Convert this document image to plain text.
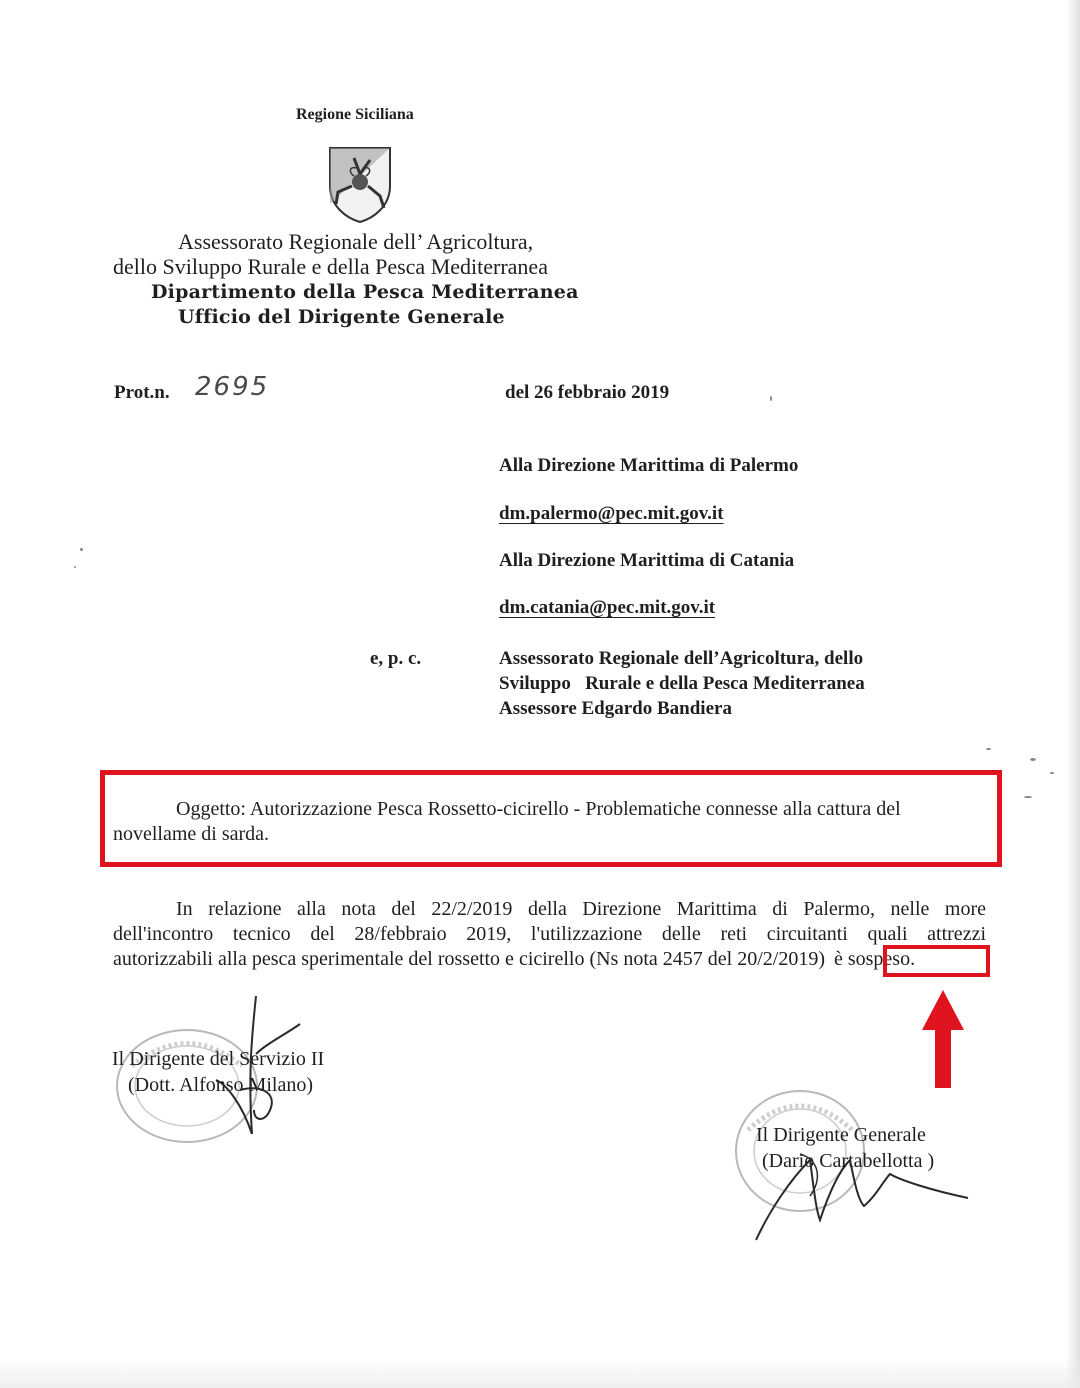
Regione Siciliana
Assessorato Regionale dell’ Agricoltura,
dello Sviluppo Rurale e della Pesca Mediterranea
Dipartimento della Pesca Mediterranea
Ufficio del Dirigente Generale
Prot.n. 2695	del 26 febbraio 2019
Alla Direzione Marittima di Palermo
dm.palermo@pec.mit.gov.it
Alla Direzione Marittima di Catania
dm.catania@pec.mit.gov.it
e, p. c.	Assessorato Regionale dell’Agricoltura, dello
Sviluppo   Rurale e della Pesca Mediterranea
Assessore Edgardo Bandiera
Oggetto: Autorizzazione Pesca Rossetto-cicirello - Problematiche connesse alla cattura del
novellame di sarda.
In relazione alla nota del 22/2/2019 della Direzione Marittima di Palermo, nelle more
dell'incontro tecnico del 28/febbraio 2019, l'utilizzazione delle reti circuitanti quali attrezzi
autorizzabili alla pesca sperimentale del rossetto e cicirello (Ns nota 2457 del 20/2/2019) è sospeso.
Il Dirigente del Servizio II
(Dott. Alfonso Milano)
Il Dirigente Generale
(Dario Cartabellotta )
